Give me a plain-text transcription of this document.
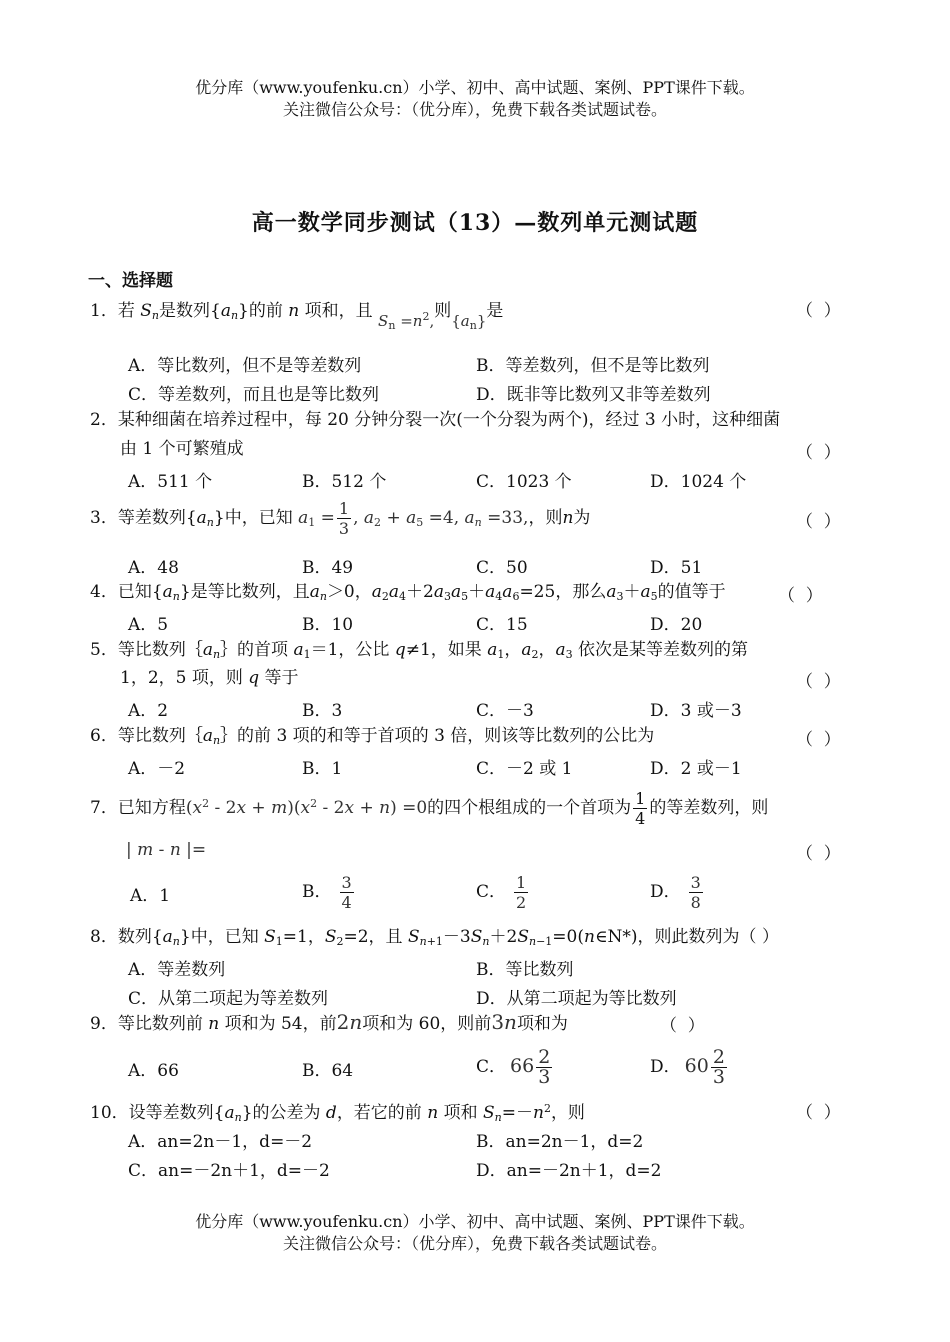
优分库（www.youfenku.cn）小学、初中、高中试题、案例、PPT课件下载。
关注微信公众号：（优分库），免费下载各类试题试卷。
高一数学同步测试（13）—数列单元测试题
一、选择题
1．若 $S_n$是数列$\{a_n\}$的前 n 项和，且 $S_n =n^2$,则$\{a_n\}$是	（  ）
A．等比数列，但不是等差数列	B．等差数列，但不是等比数列
C．等差数列，而且也是等比数列	D．既非等比数列又非等差数列
2．某种细菌在培养过程中，每 20 分钟分裂一次(一个分裂为两个)，经过 3 小时，这种细菌
由 1 个可繁殖成	（  ）
A．511 个	B．512 个	C．1023 个	D．1024 个
3．等差数列$\{a_n\}$中，已知 $a_1 = \frac{1}{3}$ , $a_2 + a_5 =4$, $a_n =33$,，则n为	（  ）
A．48	B．49	C．50	D．51
4．已知$\{a_n\}$是等比数列，且$a_n>0$，$a_2a_4+2a_3a_5+a_4a_6=25$，那么$a_3+a_5$的值等于	（  ）
A．5	B．10	C．15	D．20
5．等比数列$\{a_n\}$的首项 $a_1=1$，公比 q≠1，如果 $a_1$，$a_2$，$a_3$ 依次是某等差数列的第
1，2，5 项，则 q 等于	（  ）
A．2	B．3	C．－3	D．3 或－3
6．等比数列$\{a_n\}$的前 3 项的和等于首项的 3 倍，则该等比数列的公比为	（  ）
A．－2	B．1	C．－2 或 1	D．2 或－1
7．已知方程$(x^2 - 2x + m)(x^2 - 2x + n) =0$的四个根组成的一个首项为 $\frac{1}{4}$ 的等差数列，则
| m - n |=	（  ）
A．1	B． $\frac{3}{4}$	C． $\frac{1}{2}$	D． $\frac{3}{8}$
8．数列$\{a_n\}$中，已知 $S_1=1$，$S_2=2$，且 $S_{n+1}-3S_n+2S_{n-1}=0(n\in N*)$，则此数列为（ ）
A．等差数列	B．等比数列
C．从第二项起为等差数列	D．从第二项起为等比数列
9．等比数列前 n 项和为 54，前2n项和为 60，则前3n项和为	（  ）
A．66	B．64	C． $66 \frac{2}{3}$	D． $60 \frac{2}{3}$
10．设等差数列$\{a_n\}$的公差为 d，若它的前 n 项和 $S_n=-n^2$，则	（  ）
A．an=2n－1，d=－2	B．an=2n－1，d=2
C．an=－2n＋1，d=－2	D．an=－2n＋1，d=2
优分库（www.youfenku.cn）小学、初中、高中试题、案例、PPT课件下载。
关注微信公众号：（优分库），免费下载各类试题试卷。
